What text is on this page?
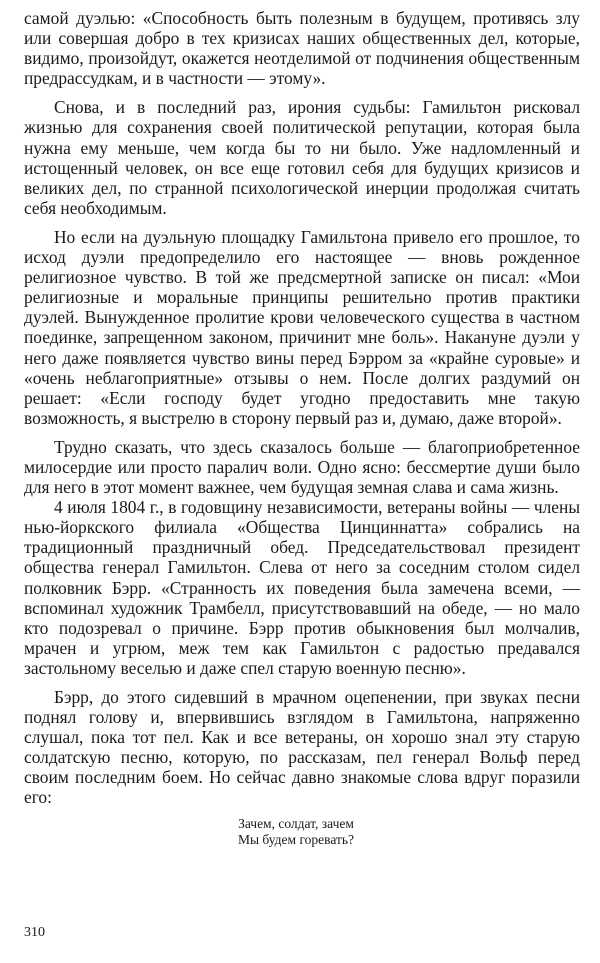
самой дуэлью: «Способность быть полезным в будущем, противясь злу или совершая добро в тех кризисах наших общественных дел, которые, видимо, произойдут, окажется неотделимой от подчинения общественным предрассудкам, и в частности — этому».

Снова, и в последний раз, ирония судьбы: Гамильтон рисковал жизнью для сохранения своей политической репутации, которая была нужна ему меньше, чем когда бы то ни было. Уже надломленный и истощенный человек, он все еще готовил себя для будущих кризисов и великих дел, по странной психологической инерции продолжая считать себя необходимым.

Но если на дуэльную площадку Гамильтона привело его прошлое, то исход дуэли предопределило его настоящее — вновь рожденное религиозное чувство. В той же предсмертной записке он писал: «Мои религиозные и моральные принципы решительно против практики дуэлей. Вынужденное пролитие крови человеческого существа в частном поединке, запрещенном законом, причинит мне боль». Накануне дуэли у него даже появляется чувство вины перед Бэрром за «крайне суровые» и «очень неблагоприятные» отзывы о нем. После долгих раздумий он решает: «Если господу будет угодно предоставить мне такую возможность, я выстрелю в сторону первый раз и, думаю, даже второй».

Трудно сказать, что здесь сказалось больше — благоприобретенное милосердие или просто паралич воли. Одно ясно: бессмертие души было для него в этот момент важнее, чем будущая земная слава и сама жизнь.

4 июля 1804 г., в годовщину независимости, ветераны войны — члены нью-йоркского филиала «Общества Цинциннатта» собрались на традиционный праздничный обед. Председательствовал президент общества генерал Гамильтон. Слева от него за соседним столом сидел полковник Бэрр. «Странность их поведения была замечена всеми, — вспоминал художник Трамбелл, присутствовавший на обеде, — но мало кто подозревал о причине. Бэрр против обыкновения был молчалив, мрачен и угрюм, меж тем как Гамильтон с радостью предавался застольному веселью и даже спел старую военную песню».

Бэрр, до этого сидевший в мрачном оцепенении, при звуках песни поднял голову и, впервившись взглядом в Гамильтона, напряженно слушал, пока тот пел. Как и все ветераны, он хорошо знал эту старую солдатскую песню, которую, по рассказам, пел генерал Вольф перед своим последним боем. Но сейчас давно знакомые слова вдруг поразили его:

Зачем, солдат, зачем
Мы будем горевать?
310
